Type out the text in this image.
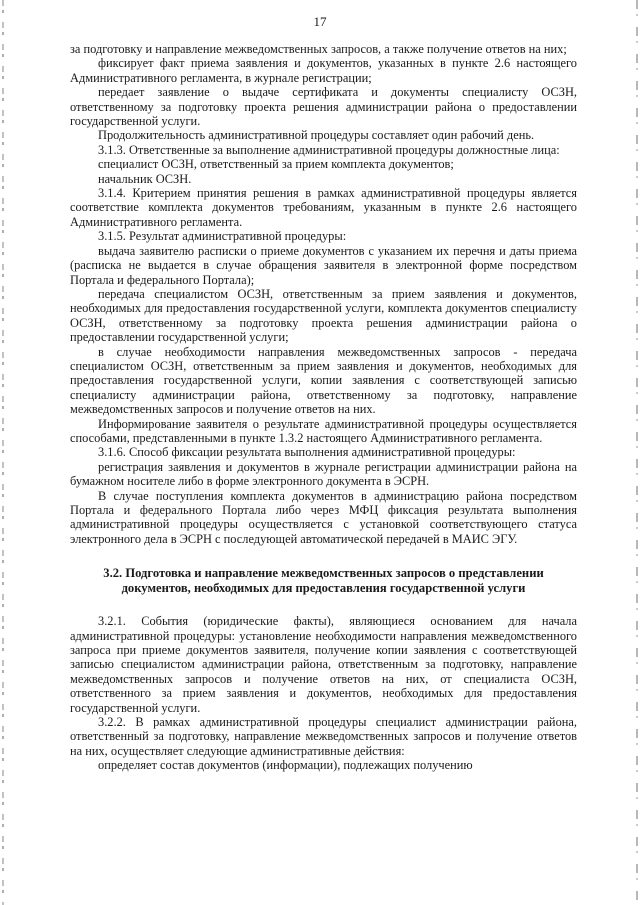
17

за подготовку и направление межведомственных запросов, а также получение ответов на них;

фиксирует факт приема заявления и документов, указанных в пункте 2.6 настоящего Административного регламента, в журнале регистрации;

передает заявление о выдаче сертификата и документы специалисту ОСЗН, ответственному за подготовку проекта решения администрации района о предоставлении государственной услуги.

Продолжительность административной процедуры составляет один рабочий день.

3.1.3. Ответственные за выполнение административной процедуры должностные лица:

специалист ОСЗН, ответственный за прием комплекта документов;

начальник ОСЗН.

3.1.4. Критерием принятия решения в рамках административной процедуры является соответствие комплекта документов требованиям, указанным в пункте 2.6 настоящего Административного регламента.

3.1.5. Результат административной процедуры:

выдача заявителю расписки о приеме документов с указанием их перечня и даты приема (расписка не выдается в случае обращения заявителя в электронной форме посредством Портала и федерального Портала);

передача специалистом ОСЗН, ответственным за прием заявления и документов, необходимых для предоставления государственной услуги, комплекта документов специалисту ОСЗН, ответственному за подготовку проекта решения администрации района о предоставлении государственной услуги;

в случае необходимости направления межведомственных запросов - передача специалистом ОСЗН, ответственным за прием заявления и документов, необходимых для предоставления государственной услуги, копии заявления с соответствующей записью специалисту администрации района, ответственному за подготовку, направление межведомственных запросов и получение ответов на них.

Информирование заявителя о результате административной процедуры осуществляется способами, представленными в пункте 1.3.2 настоящего Административного регламента.

3.1.6. Способ фиксации результата выполнения административной процедуры:

регистрация заявления и документов в журнале регистрации администрации района на бумажном носителе либо в форме электронного документа в ЭСРН.

В случае поступления комплекта документов в администрацию района посредством Портала и федерального Портала либо через МФЦ фиксация результата выполнения административной процедуры осуществляется с установкой соответствующего статуса электронного дела в ЭСРН с последующей автоматической передачей в МАИС ЭГУ.

3.2. Подготовка и направление межведомственных запросов о представлении документов, необходимых для предоставления государственной услуги

3.2.1. События (юридические факты), являющиеся основанием для начала административной процедуры: установление необходимости направления межведомственного запроса при приеме документов заявителя, получение копии заявления с соответствующей записью специалистом администрации района, ответственным за подготовку, направление межведомственных запросов и получение ответов на них, от специалиста ОСЗН, ответственного за прием заявления и документов, необходимых для предоставления государственной услуги.

3.2.2. В рамках административной процедуры специалист администрации района, ответственный за подготовку, направление межведомственных запросов и получение ответов на них, осуществляет следующие административные действия:

определяет состав документов (информации), подлежащих получению
